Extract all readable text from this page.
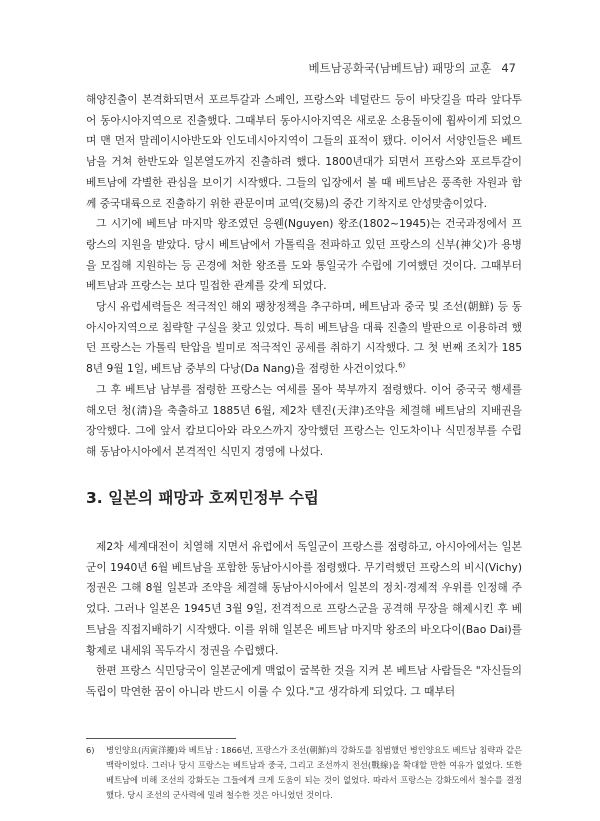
베트남공화국(남베트남) 패망의 교훈 47

해양진출이 본격화되면서 포르투갈과 스페인, 프랑스와 네덜란드 등이 바닷길을 따라 앞다투어 동아시아지역으로 진출했다. 그때부터 동아시아지역은 새로운 소용돌이에 휩싸이게 되었으며 맨 먼저 말레이시아반도와 인도네시아지역이 그들의 표적이 됐다. 이어서 서양인들은 베트남을 거쳐 한반도와 일본열도까지 진출하려 했다. 1800년대가 되면서 프랑스와 포르투갈이 베트남에 각별한 관심을 보이기 시작했다. 그들의 입장에서 볼 때 베트남은 풍족한 자원과 함께 중국대륙으로 진출하기 위한 관문이며 교역(交易)의 중간 기착지로 안성맞춤이었다.

그 시기에 베트남 마지막 왕조였던 응웬(Nguyen) 왕조(1802~1945)는 건국과정에서 프랑스의 지원을 받았다. 당시 베트남에서 가톨릭을 전파하고 있던 프랑스의 신부(神父)가 용병을 모집해 지원하는 등 곤경에 처한 왕조를 도와 통일국가 수립에 기여했던 것이다. 그때부터 베트남과 프랑스는 보다 밀접한 관계를 갖게 되었다.

당시 유럽세력들은 적극적인 해외 팽창정책을 추구하며, 베트남과 중국 및 조선(朝鮮) 등 동아시아지역으로 침략할 구실을 찾고 있었다. 특히 베트남을 대륙 진출의 발판으로 이용하려 했던 프랑스는 가톨릭 탄압을 빌미로 적극적인 공세를 취하기 시작했다. 그 첫 번째 조치가 1858년 9월 1일, 베트남 중부의 다낭(Da Nang)을 점령한 사건이었다.$^{6)}$

그 후 베트남 남부를 점령한 프랑스는 여세를 몰아 북부까지 점령했다. 이어 중국국 행세를 해오던 청(淸)을 축출하고 1885년 6월, 제2차 텐진(天津)조약을 체결해 베트남의 지배권을 장악했다. 그에 앞서 캄보디아와 라오스까지 장악했던 프랑스는 인도차이나 식민정부를 수립해 동남아시아에서 본격적인 식민지 경영에 나섰다.

3. 일본의 패망과 호찌민정부 수립

제2차 세계대전이 치열해 지면서 유럽에서 독일군이 프랑스를 점령하고, 아시아에서는 일본군이 1940년 6월 베트남을 포함한 동남아시아를 점령했다. 무기력했던 프랑스의 비시(Vichy) 정권은 그해 8월 일본과 조약을 체결해 동남아시아에서 일본의 정치·경제적 우위를 인정해 주었다. 그러나 일본은 1945년 3월 9일, 전격적으로 프랑스군을 공격해 무장을 해제시킨 후 베트남을 직접지배하기 시작했다. 이를 위해 일본은 베트남 마지막 왕조의 바오다이(Bao Dai)를 황제로 내세워 꼭두각시 정권을 수립했다.

한편 프랑스 식민당국이 일본군에게 맥없이 굴복한 것을 지켜 본 베트남 사람들은 "자신들의 독립이 막연한 꿈이 아니라 반드시 이룰 수 있다."고 생각하게 되었다. 그 때부터

6) 병인양요(丙寅洋擾)와 베트남 : 1866년, 프랑스가 조선(朝鮮)의 강화도를 침범했던 병인양요도 베트남 침략과 같은 맥락이었다. 그러나 당시 프랑스는 베트남과 중국, 그리고 조선까지 전선(戰線)을 확대할 만한 여유가 없었다. 또한 베트남에 비해 조선의 강화도는 그들에게 크게 도움이 되는 것이 없었다. 따라서 프랑스는 강화도에서 철수를 결정했다. 당시 조선의 군사력에 밀려 철수한 것은 아니었던 것이다.
